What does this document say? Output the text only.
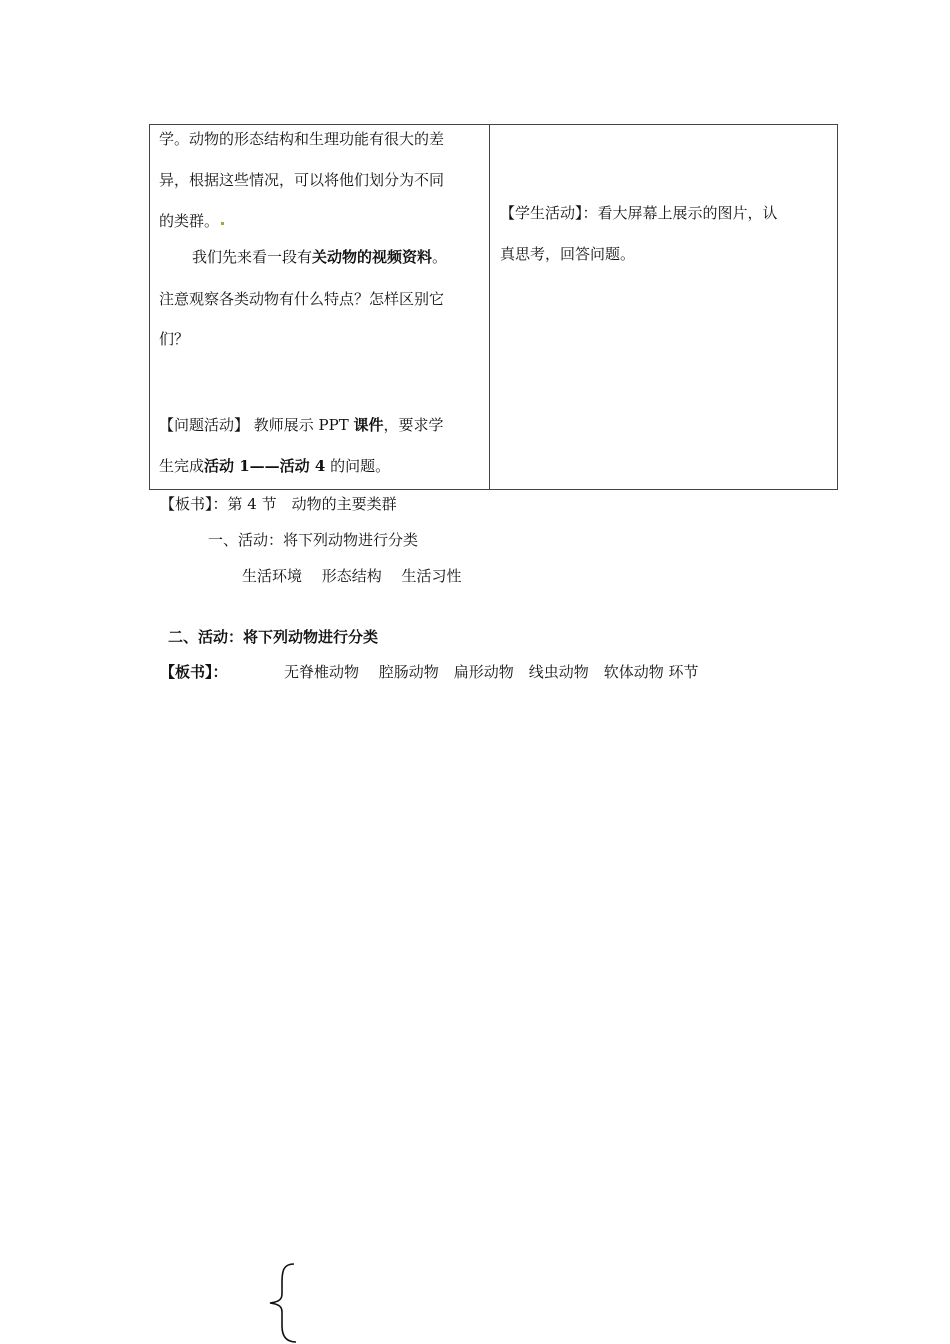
学。动物的形态结构和生理功能有很大的差
异，根据这些情况，可以将他们划分为不同
的类群。
我们先来看一段有关动物的视频资料。
注意观察各类动物有什么特点？怎样区别它
们？
【问题活动】 教师展示 PPT 课件，要求学
生完成活动 1——活动 4 的问题。
【学生活动】：看大屏幕上展示的图片，认
真思考，回答问题。
【板书】：第 4 节　动物的主要类群
一、活动：将下列动物进行分类
生活环境　 形态结构　 生活习性
二、活动：将下列动物进行分类
【板书】：	无脊椎动物　 腔肠动物　扁形动物　线虫动物　软体动物 环节
